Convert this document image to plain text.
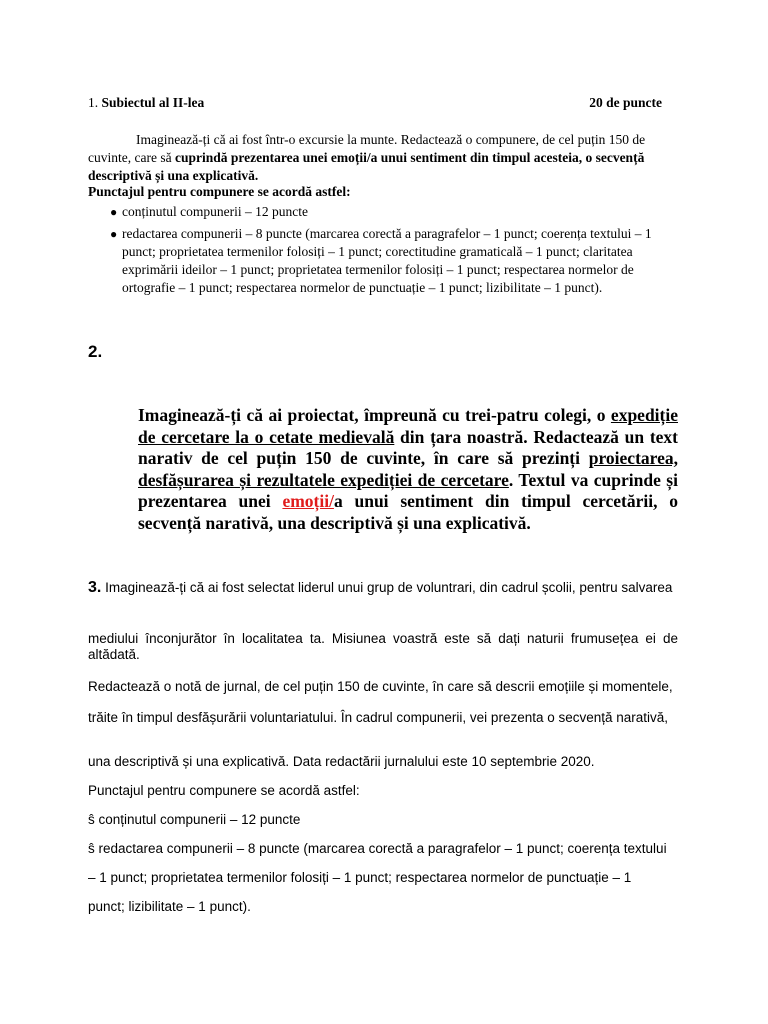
1. Subiectul al II-lea	20 de puncte
Imaginează-ți că ai fost într-o excursie la munte. Redactează o compunere, de cel puțin 150 de cuvinte, care să cuprindă prezentarea unei emoții/a unui sentiment din timpul acesteia, o secvență descriptivă și una explicativă.
Punctajul pentru compunere se acordă astfel:
● conținutul compunerii – 12 puncte
● redactarea compunerii – 8 puncte (marcarea corectă a paragrafelor – 1 punct; coerența textului – 1 punct; proprietatea termenilor folosiți – 1 punct; corectitudine gramaticală – 1 punct; claritatea exprimării ideilor – 1 punct; proprietatea termenilor folosiți – 1 punct; respectarea normelor de ortografie – 1 punct; respectarea normelor de punctuație – 1 punct; lizibilitate – 1 punct).
2.
Imaginează-ți că ai proiectat, împreună cu trei-patru colegi, o expediție de cercetare la o cetate medievală din țara noastră. Redactează un text narativ de cel puțin 150 de cuvinte, în care să prezinți proiectarea, desfășurarea și rezultatele expediției de cercetare. Textul va cuprinde și prezentarea unei emoții/a unui sentiment din timpul cercetării, o secvență narativă, una descriptivă și una explicativă.
3. Imaginează-ți că ai fost selectat liderul unui grup de voluntrari, din cadrul școlii, pentru salvarea
mediului înconjurător în localitatea ta. Misiunea voastră este să dați naturii frumusețea ei de altădată.
Redactează o notă de jurnal, de cel puțin 150 de cuvinte, în care să descrii emoțiile și momentele,
trăite în timpul desfășurării voluntariatului. În cadrul compunerii, vei prezenta o secvență narativă,
una descriptivă și una explicativă. Data redactării jurnalului este 10 septembrie 2020.
Punctajul pentru compunere se acordă astfel:
ŝ conținutul compunerii – 12 puncte
ŝ redactarea compunerii – 8 puncte (marcarea corectă a paragrafelor – 1 punct; coerența textului
– 1 punct; proprietatea termenilor folosiți – 1 punct; respectarea normelor de punctuație – 1
punct; lizibilitate – 1 punct).
